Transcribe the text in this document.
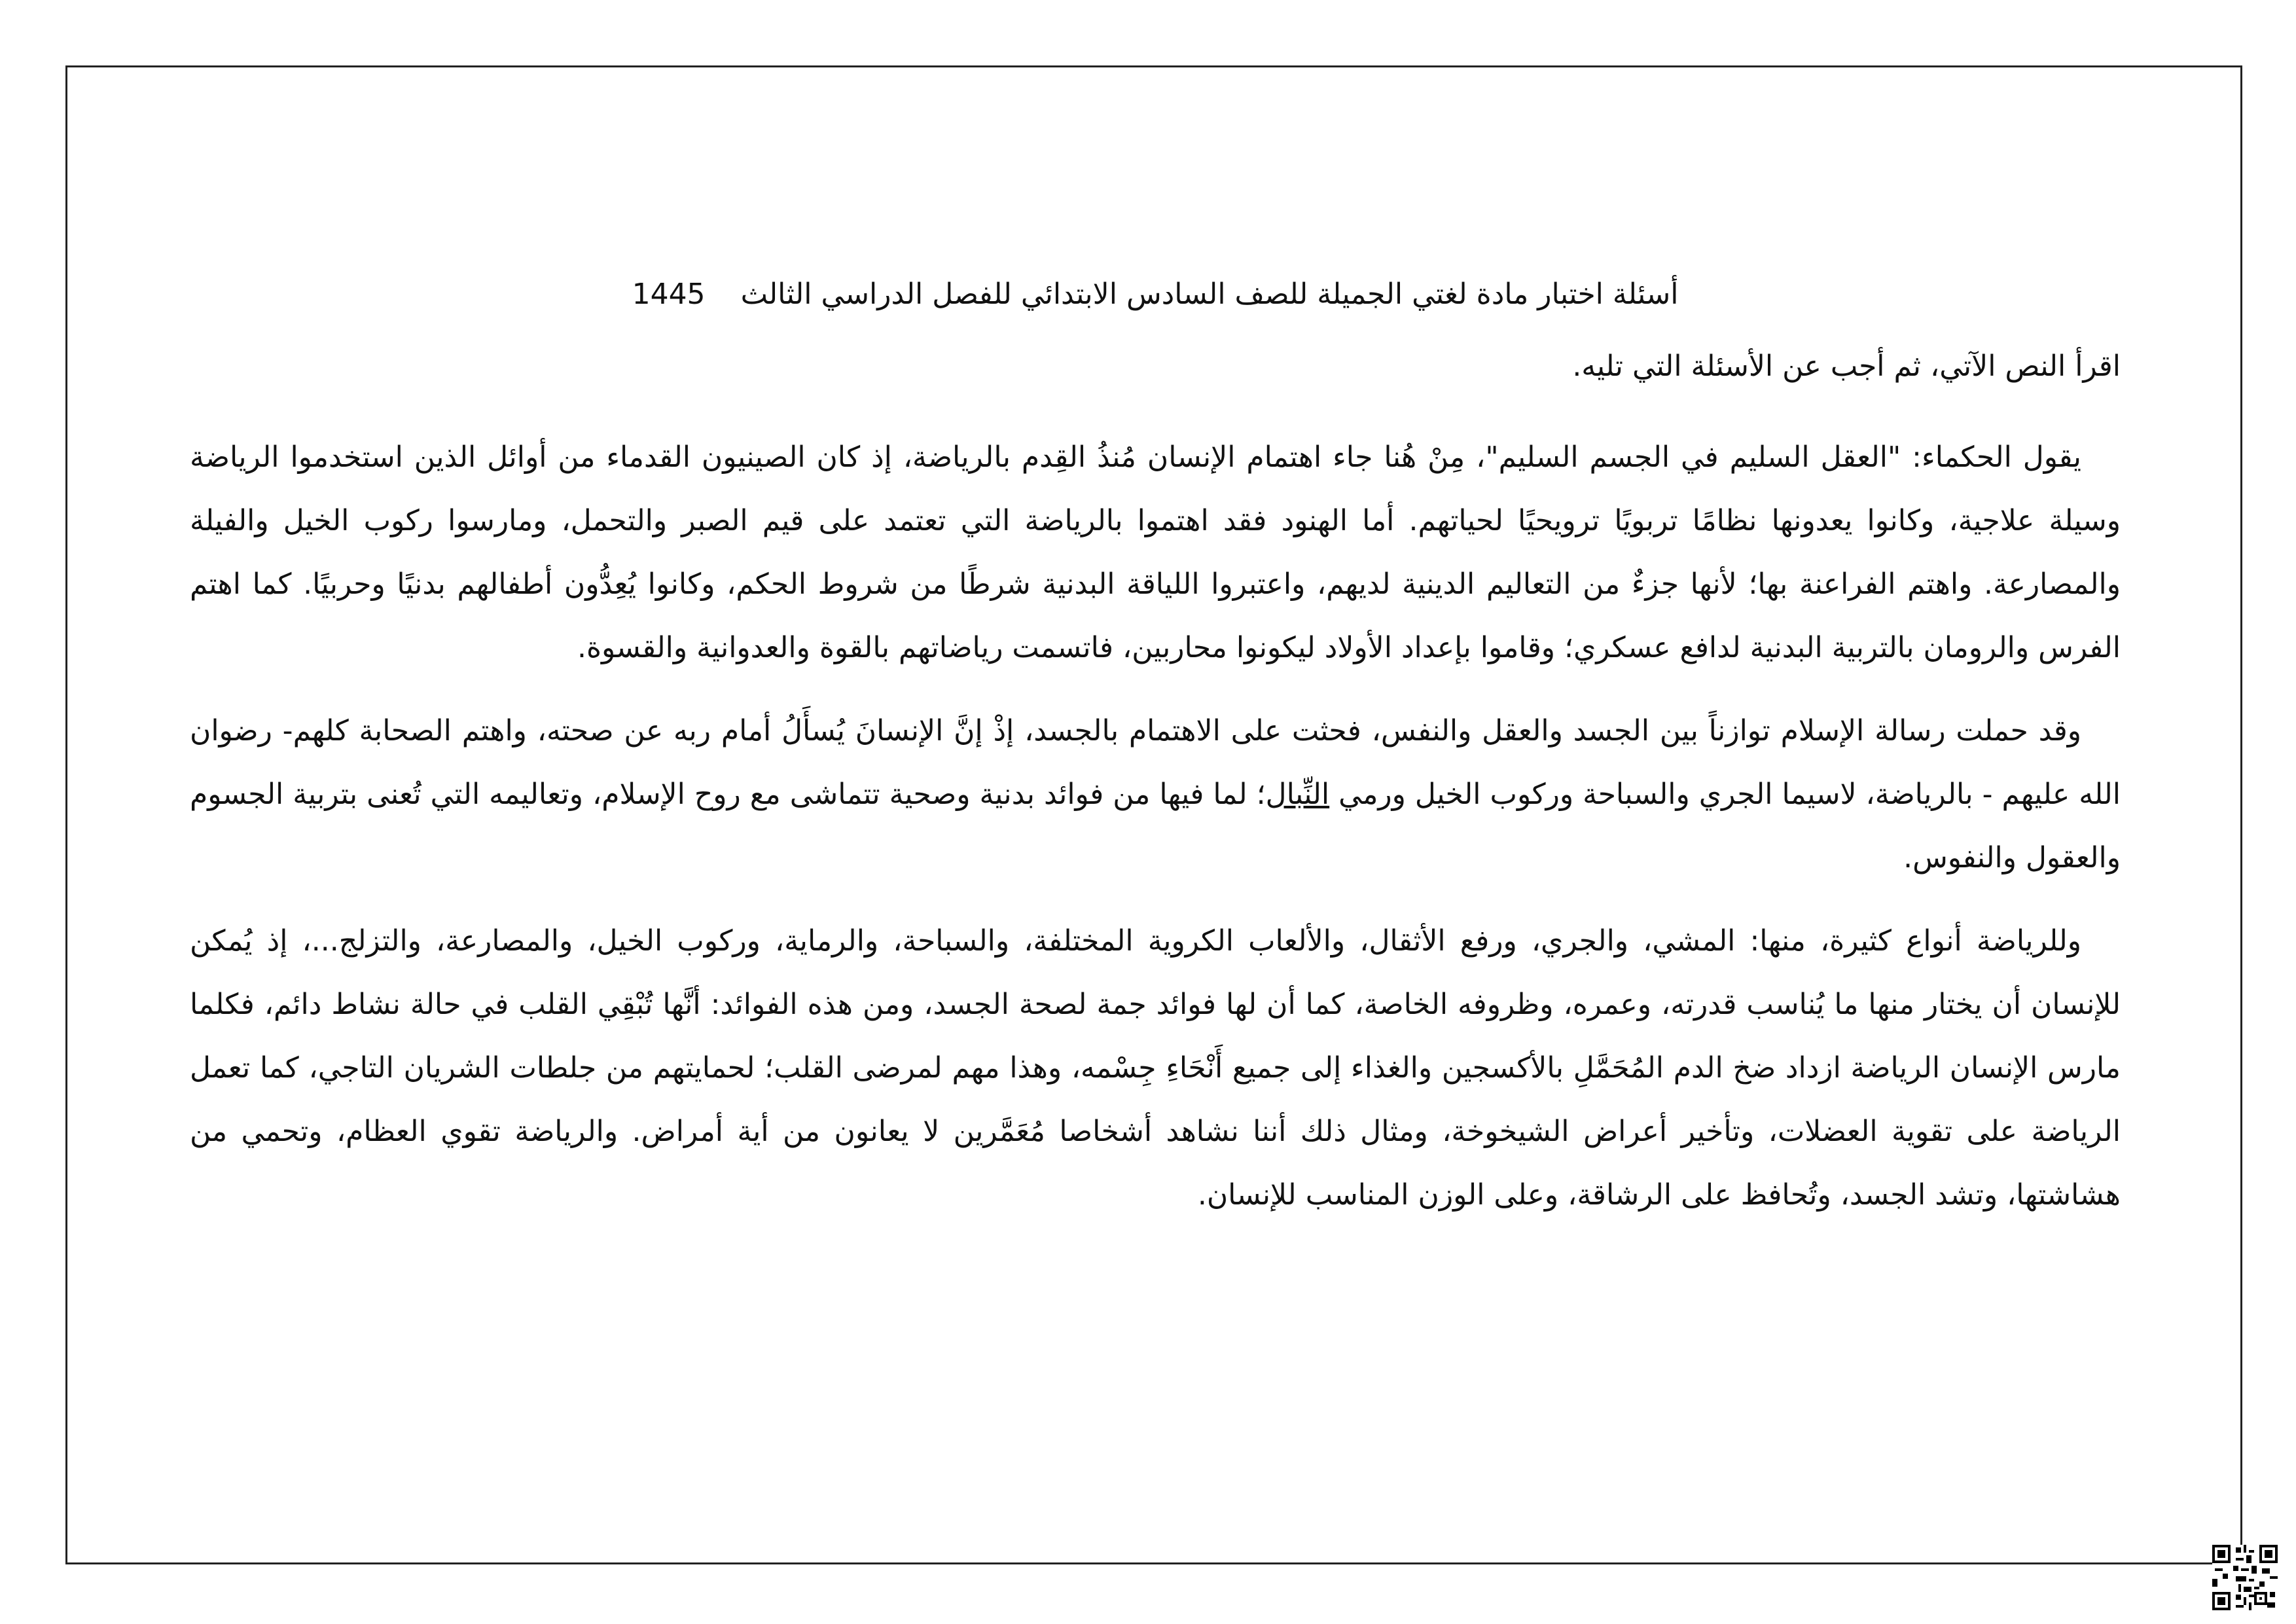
أسئلة اختبار مادة لغتي الجميلة للصف السادس الابتدائي للفصل الدراسي الثالث 1445
اقرأ النص الآتي، ثم أجب عن الأسئلة التي تليه.

يقول الحكماء: "العقل السليم في الجسم السليم"، مِنْ هُنا جاء اهتمام الإنسان مُنذُ القِدم بالرياضة، إذ كان الصينيون القدماء من أوائل الذين استخدموا الرياضة وسيلة علاجية، وكانوا يعدونها نظامًا تربويًا ترويحيًا لحياتهم. أما الهنود فقد اهتموا بالرياضة التي تعتمد على قيم الصبر والتحمل، ومارسوا ركوب الخيل والفيلة والمصارعة. واهتم الفراعنة بها؛ لأنها جزءٌ من التعاليم الدينية لديهم، واعتبروا اللياقة البدنية شرطًا من شروط الحكم، وكانوا يُعِدُّون أطفالهم بدنيًا وحربيًا. كما اهتم الفرس والرومان بالتربية البدنية لدافع عسكري؛ وقاموا بإعداد الأولاد ليكونوا محاربين، فاتسمت رياضاتهم بالقوة والعدوانية والقسوة.

وقد حملت رسالة الإسلام توازناً بين الجسد والعقل والنفس، فحثت على الاهتمام بالجسد، إذْ إنَّ الإنسانَ يُسأَلُ أمام ربه عن صحته، واهتم الصحابة كلهم- رضوان الله عليهم - بالرياضة، لاسيما الجري والسباحة وركوب الخيل ورمي النِّبال؛ لما فيها من فوائد بدنية وصحية تتماشى مع روح الإسلام، وتعاليمه التي تُعنى بتربية الجسوم والعقول والنفوس.

وللرياضة أنواع كثيرة، منها: المشي، والجري، ورفع الأثقال، والألعاب الكروية المختلفة، والسباحة، والرماية، وركوب الخيل، والمصارعة، والتزلج...، إذ يُمكن للإنسان أن يختار منها ما يُناسب قدرته، وعمره، وظروفه الخاصة، كما أن لها فوائد جمة لصحة الجسد، ومن هذه الفوائد: أنَّها تُبْقِي القلب في حالة نشاط دائم، فكلما مارس الإنسان الرياضة ازداد ضخ الدم المُحَمَّلِ بالأكسجين والغذاء إلى جميع أَنْحَاءِ جِسْمه، وهذا مهم لمرضى القلب؛ لحمايتهم من جلطات الشريان التاجي، كما تعمل الرياضة على تقوية العضلات، وتأخير أعراض الشيخوخة، ومثال ذلك أننا نشاهد أشخاصا مُعَمَّرين لا يعانون من أية أمراض. والرياضة تقوي العظام، وتحمي من هشاشتها، وتشد الجسد، وتُحافظ على الرشاقة، وعلى الوزن المناسب للإنسان.
